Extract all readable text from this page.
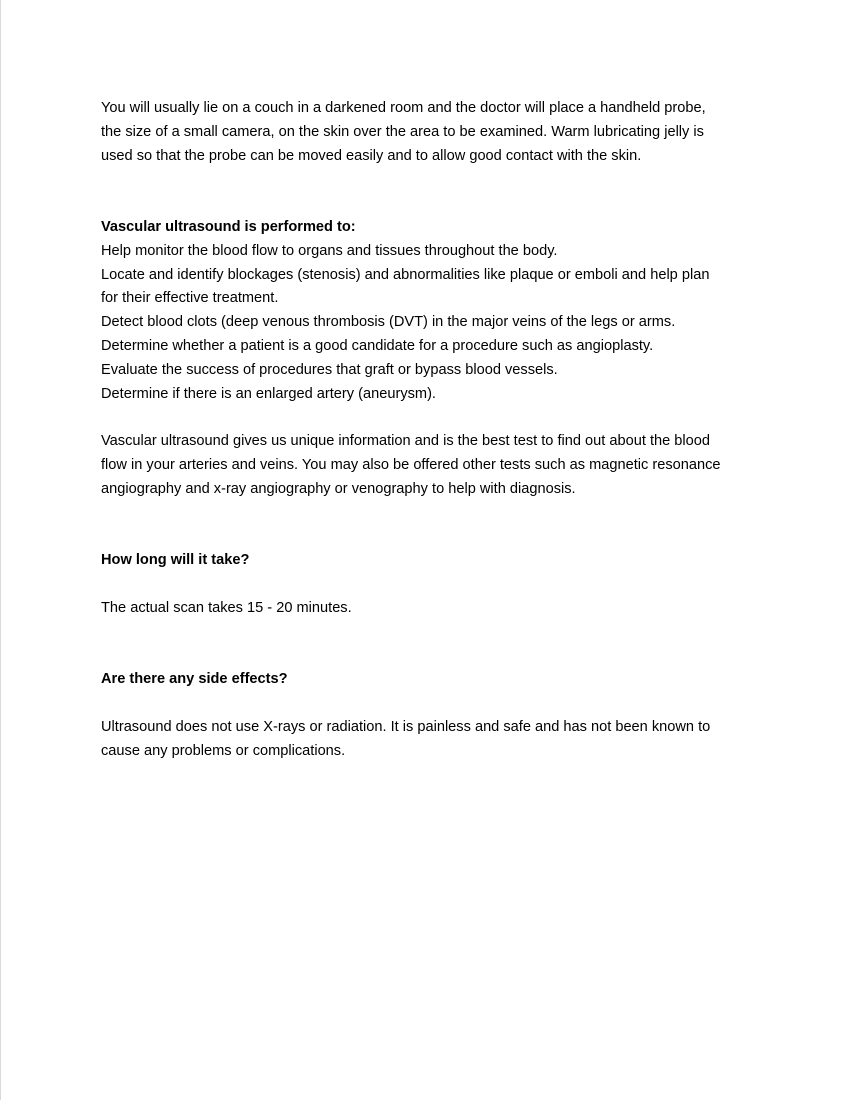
You will usually lie on a couch in a darkened room and the doctor will place a handheld probe,
the size of a small camera, on the skin over the area to be examined. Warm lubricating jelly is
used so that the probe can be moved easily and to allow good contact with the skin.

Vascular ultrasound is performed to:
Help monitor the blood flow to organs and tissues throughout the body.
Locate and identify blockages (stenosis) and abnormalities like plaque or emboli and help plan
for their effective treatment.
Detect blood clots (deep venous thrombosis (DVT) in the major veins of the legs or arms.
Determine whether a patient is a good candidate for a procedure such as angioplasty.
Evaluate the success of procedures that graft or bypass blood vessels.
Determine if there is an enlarged artery (aneurysm).

Vascular ultrasound gives us unique information and is the best test to find out about the blood
flow in your arteries and veins. You may also be offered other tests such as magnetic resonance
angiography and x-ray angiography or venography to help with diagnosis.

How long will it take?

The actual scan takes 15 - 20 minutes.

Are there any side effects?

Ultrasound does not use X-rays or radiation. It is painless and safe and has not been known to
cause any problems or complications.
